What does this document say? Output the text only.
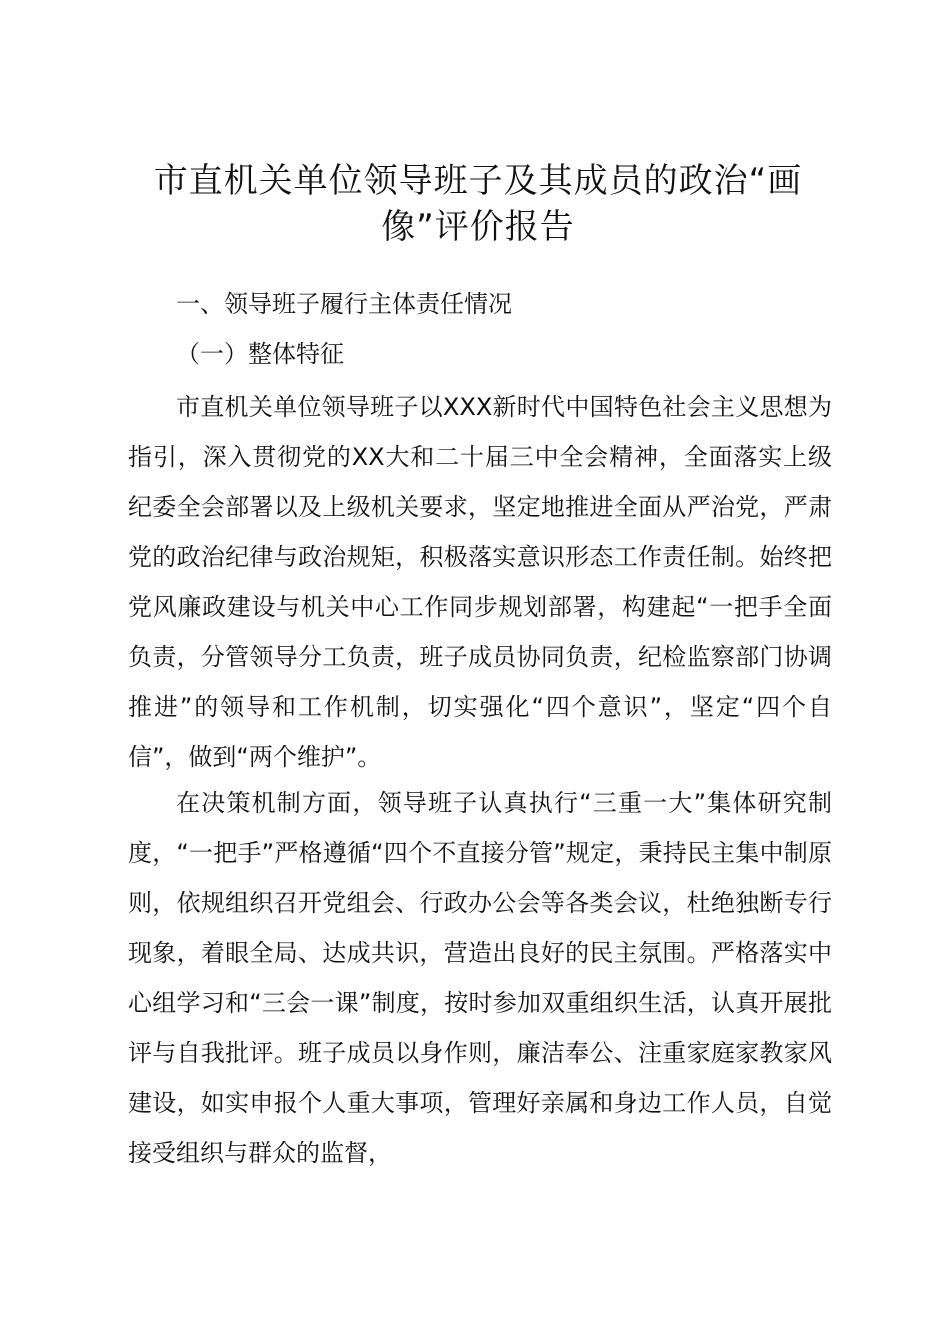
市直机关单位领导班子及其成员的政治“画像”评价报告

一、领导班子履行主体责任情况

（一）整体特征

市直机关单位领导班子以XXX新时代中国特色社会主义思想为指引，深入贯彻党的XX大和二十届三中全会精神，全面落实上级纪委全会部署以及上级机关要求，坚定地推进全面从严治党，严肃党的政治纪律与政治规矩，积极落实意识形态工作责任制。始终把党风廉政建设与机关中心工作同步规划部署，构建起“一把手全面负责，分管领导分工负责，班子成员协同负责，纪检监察部门协调推进”的领导和工作机制，切实强化“四个意识”，坚定“四个自信”，做到“两个维护”。

在决策机制方面，领导班子认真执行“三重一大”集体研究制度，“一把手”严格遵循“四个不直接分管”规定，秉持民主集中制原则，依规组织召开党组会、行政办公会等各类会议，杜绝独断专行现象，着眼全局、达成共识，营造出良好的民主氛围。严格落实中心组学习和“三会一课”制度，按时参加双重组织生活，认真开展批评与自我批评。班子成员以身作则，廉洁奉公、注重家庭家教家风建设，如实申报个人重大事项，管理好亲属和身边工作人员，自觉接受组织与群众的监督，
